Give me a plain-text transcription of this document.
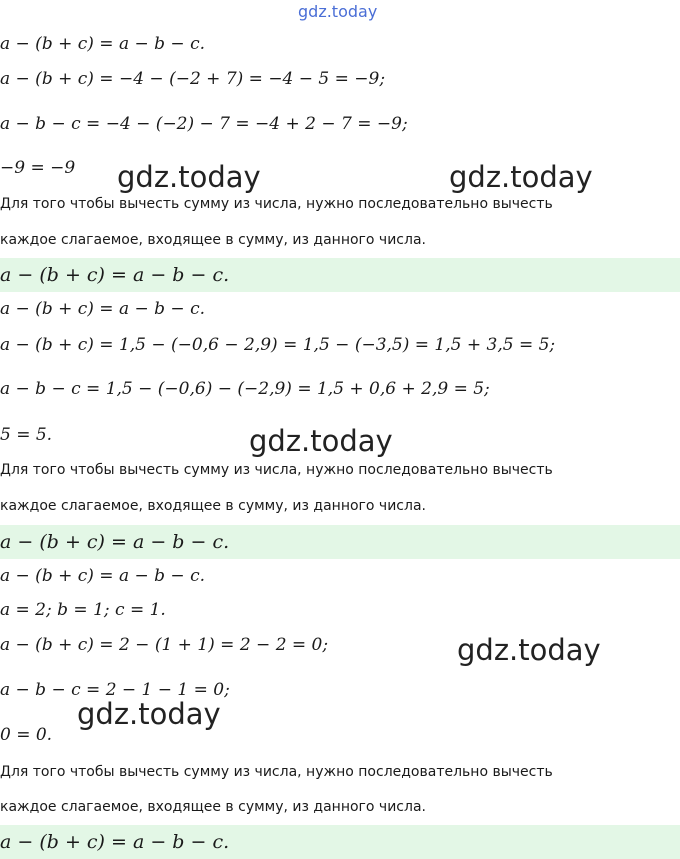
gdz.today
a − (b + c) = a − b − c.
a − (b + c) = −4 − (−2 + 7) = −4 − 5 = −9;
a − b − c = −4 − (−2) − 7 = −4 + 2 − 7 = −9;
−9 = −9
Для того чтобы вычесть сумму из числа, нужно последовательно вычесть
каждое слагаемое, входящее в сумму, из данного числа.
a − (b + c) = a − b − c.
a − (b + c) = a − b − c.
a − (b + c) = 1,5 − (−0,6 − 2,9) = 1,5 − (−3,5) = 1,5 + 3,5 = 5;
a − b − c = 1,5 − (−0,6) − (−2,9) = 1,5 + 0,6 + 2,9 = 5;
5 = 5.
Для того чтобы вычесть сумму из числа, нужно последовательно вычесть
каждое слагаемое, входящее в сумму, из данного числа.
a − (b + c) = a − b − c.
a − (b + c) = a − b − c.
a = 2; b = 1; c = 1.
a − (b + c) = 2 − (1 + 1) = 2 − 2 = 0;
a − b − c = 2 − 1 − 1 = 0;
0 = 0.
Для того чтобы вычесть сумму из числа, нужно последовательно вычесть
каждое слагаемое, входящее в сумму, из данного числа.
a − (b + c) = a − b − c.
gdz.today	gdz.today
gdz.today
gdz.today
gdz.today
